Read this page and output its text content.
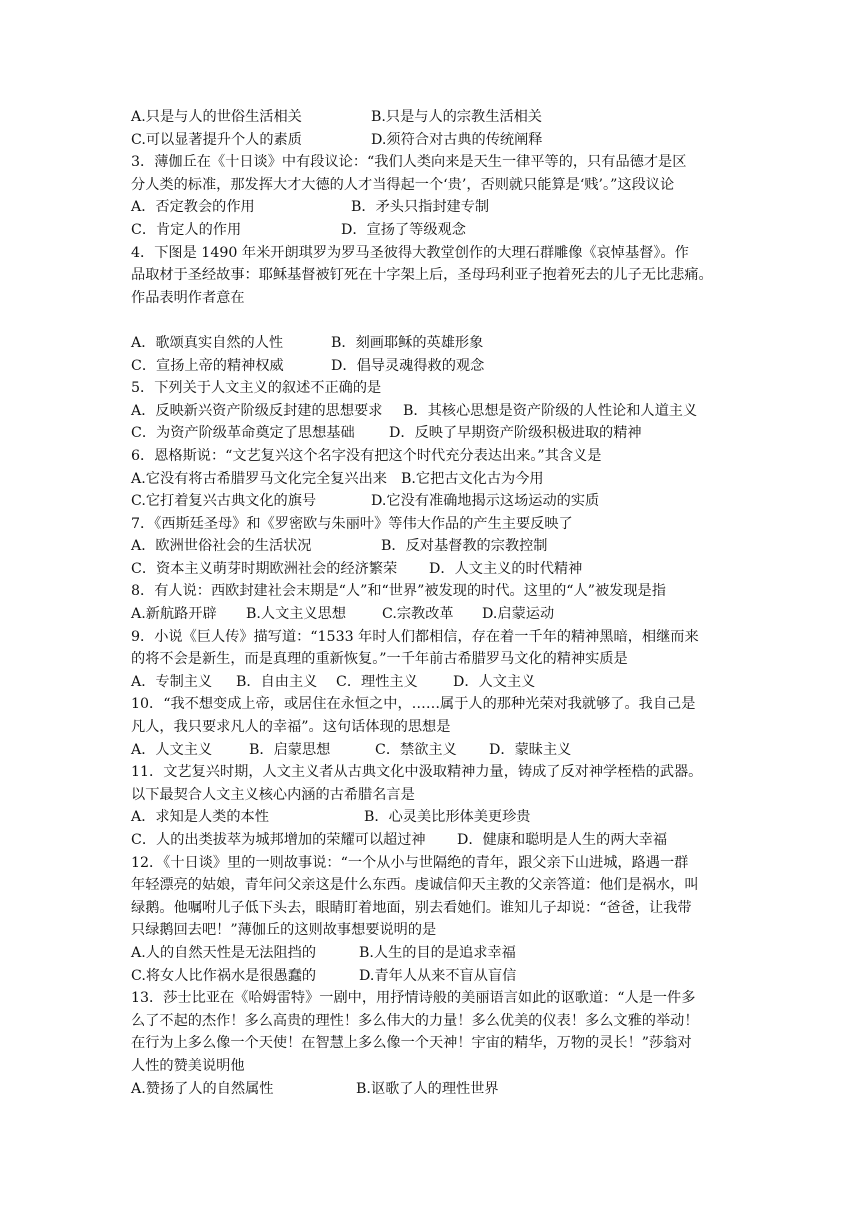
A.只是与人的世俗生活相关	B.只是与人的宗教生活相关
C.可以显著提升个人的素质	D.须符合对古典的传统阐释
3．薄伽丘在《十日谈》中有段议论：“我们人类向来是天生一律平等的，只有品德才是区
分人类的标准，那发挥大才大德的人才当得起一个‘贵’，否则就只能算是‘贱’。”这段议论
A．否定教会的作用	B．矛头只指封建专制
C．肯定人的作用	D．宣扬了等级观念
4．下图是 1490 年米开朗琪罗为罗马圣彼得大教堂创作的大理石群雕像《哀悼基督》。作
品取材于圣经故事：耶稣基督被钉死在十字架上后，圣母玛利亚子抱着死去的儿子无比悲痛。
作品表明作者意在
A．歌颂真实自然的人性	B．刻画耶稣的英雄形象
C．宣扬上帝的精神权威	D．倡导灵魂得救的观念
5．下列关于人文主义的叙述不正确的是
A．反映新兴资产阶级反封建的思想要求	B．其核心思想是资产阶级的人性论和人道主义
C．为资产阶级革命奠定了思想基础	D．反映了早期资产阶级积极进取的精神
6．恩格斯说：“文艺复兴这个名字没有把这个时代充分表达出来。”其含义是
A.它没有将古希腊罗马文化完全复兴出来 B.它把古文化古为今用
C.它打着复兴古典文化的旗号	D.它没有准确地揭示这场运动的实质
7．《西斯廷圣母》和《罗密欧与朱丽叶》等伟大作品的产生主要反映了
A．欧洲世俗社会的生活状况	B．反对基督教的宗教控制
C．资本主义萌芽时期欧洲社会的经济繁荣	D．人文主义的时代精神
8．有人说：西欧封建社会末期是“人”和“世界”被发现的时代。这里的“人”被发现是指
A.新航路开辟	B.人文主义思想	C.宗教改革	D.启蒙运动
9．小说《巨人传》描写道：“1533 年时人们都相信，存在着一千年的精神黑暗，相继而来
的将不会是新生，而是真理的重新恢复。”一千年前古希腊罗马文化的精神实质是
A．专制主义	B．自由主义	C．理性主义	D．人文主义
10．“我不想变成上帝，或居住在永恒之中，……属于人的那种光荣对我就够了。我自己是
凡人，我只要求凡人的幸福”。这句话体现的思想是
A．人文主义	B．启蒙思想	C．禁欲主义	D．蒙昧主义
11．文艺复兴时期，人文主义者从古典文化中汲取精神力量，铸成了反对神学桎梏的武器。
以下最契合人文主义核心内涵的古希腊名言是
A．求知是人类的本性	B．心灵美比形体美更珍贵
C．人的出类拔萃为城邦增加的荣耀可以超过神	D．健康和聪明是人生的两大幸福
12．《十日谈》里的一则故事说：“一个从小与世隔绝的青年，跟父亲下山进城，路遇一群
年轻漂亮的姑娘，青年问父亲这是什么东西。虔诚信仰天主教的父亲答道：他们是祸水，叫
绿鹅。他嘱咐儿子低下头去，眼睛盯着地面，别去看她们。谁知儿子却说：“爸爸，让我带
只绿鹅回去吧！”薄伽丘的这则故事想要说明的是
A.人的自然天性是无法阻挡的	B.人生的目的是追求幸福
C.将女人比作祸水是很愚蠢的	D.青年人从来不盲从盲信
13．莎士比亚在《哈姆雷特》一剧中，用抒情诗般的美丽语言如此的讴歌道：“人是一件多
么了不起的杰作！多么高贵的理性！多么伟大的力量！多么优美的仪表！多么文雅的举动！
在行为上多么像一个天使！在智慧上多么像一个天神！宇宙的精华，万物的灵长！”莎翁对
人性的赞美说明他
A.赞扬了人的自然属性	B.讴歌了人的理性世界
